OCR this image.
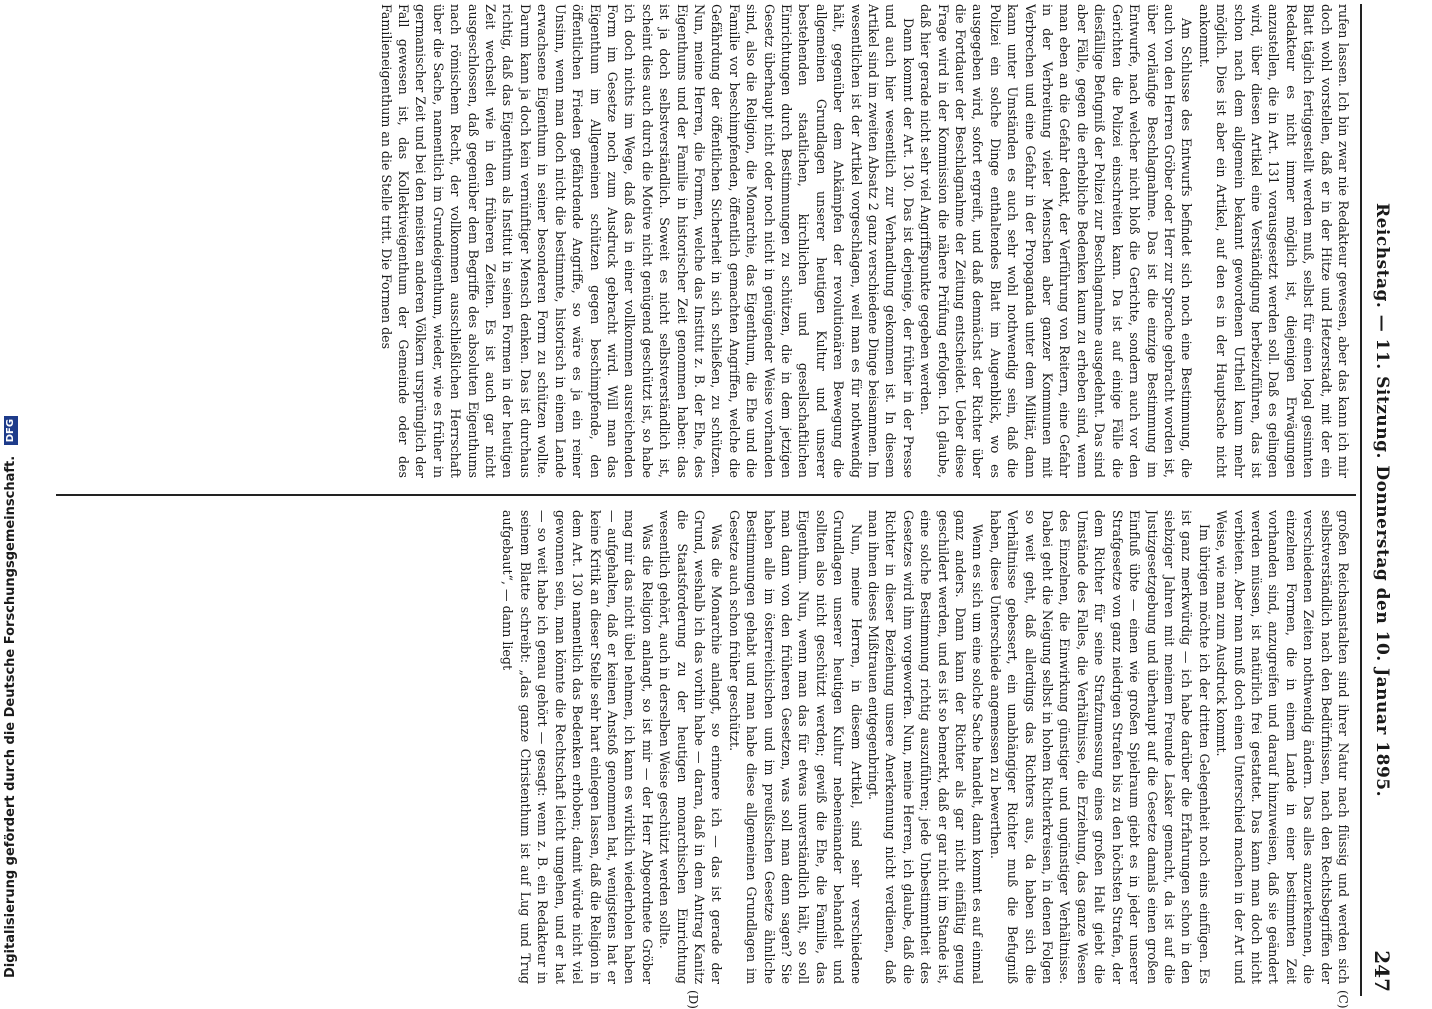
Digitalisierung gefördert durch die Deutsche Forschungsgemeinschaft. DFG	Reichstag. — 11. Sitzung. Donnerstag den 10. Januar 1895.
247

rufen lassen. Ich bin zwar nie Redakteur gewesen, aber das kann ich mir doch wohl vorstellen, daß er in der Hitze und Hetzerstadt, mit der ein Blatt täglich fertiggestellt werden muß, selbst für einen logal gesinnten Redakteur es nicht immer möglich ist, diejenigen Erwägungen anzustellen, die in Art. 131 vorausgesetzt werden soll. Daß es gelingen wird, über diesen Artikel eine Verständigung herbeizuführen, das ist schon nach dem allgemein bekannt gewordenen Urtheil kaum mehr möglich. Dies ist aber ein Artikel, auf den es in der Hauptsache nicht ankommt.

Am Schlusse des Entwurfs befindet sich noch eine Bestimmung, die auch von den Herren Gröber oder Herr zur Sprache gebracht worden ist, über vorläufige Beschlagnahme. Das ist die einzige Bestimmung im Entwurfe, nach welcher nicht bloß die Gerichte, sondern auch vor den Gerichten die Polizei einschreiten kann. Da ist auf einige Fälle die diesfällige Befugniß der Polizei zur Beschlagnahme ausgedehnt. Das sind aber Fälle, gegen die erhebliche Bedenken kaum zu erheben sind, wenn man eben an die Gefahr denkt, der Verführung von Reitern, eine Gefahr in der Verbreitung vieler Menschen aber ganzer Kommunen mit Verbrechen und eine Gefahr in der Propaganda unter dem Militär, dann kann unter Umständen es auch sehr wohl nothwendig sein, daß die Polizei ein solche Dinge enthaltendes Blatt im Augenblick, wo es ausgegeben wird, sofort ergreift, und daß demnächst der Richter über die Fortdauer der Beschlagnahme der Zeitung entscheidet. Ueber diese Frage wird in der Kommission die nähere Prüfung erfolgen. Ich glaube, daß hier gerade nicht sehr viel Angriffspunkte gegeben werden.

Dann kommt der Art. 130. Das ist derjenige, der früher in der Presse und auch hier wesentlich zur Verhandlung gekommen ist. In diesem Artikel sind im zweiten Absatz 2 ganz verschiedene Dinge beisammen. Im wesentlichen ist der Artikel vorgeschlagen, weil man es für nothwendig hält, gegenüber dem Ankämpfen der revolutionären Bewegung die allgemeinen Grundlagen unserer heutigen Kultur und unserer bestehenden staatlichen, kirchlichen und gesellschaftlichen Einrichtungen durch Bestimmungen zu schützen, die in dem jetzigen Gesetz überhaupt nicht oder noch nicht in genügender Weise vorhanden sind, also die Religion, die Monarchie, das Eigenthum, die Ehe und die Familie vor beschimpfenden, öffentlich gemachten Angriffen, welche die Gefährdung der öffentlichen Sicherheit in sich schließen, zu schützen. Nun, meine Herren, die Formen, welche das Institut z. B. der Ehe, des Eigenthums und der Familie in historischer Zeit genommen haben: das ist ja doch selbstverständlich. Soweit es nicht selbstverständlich ist, scheint dies auch durch die Motive nicht genügend geschützt ist, so habe ich doch nichts im Wege, daß das in einer vollkommen ausreichenden Form im Gesetze noch zum Ausdruck gebracht wird. Will man das Eigenthum im Allgemeinen schützen gegen beschimpfende, den öffentlichen Frieden gefährdende Angriffe, so wäre es ja ein reiner Unsinn, wenn man doch nicht die bestimmte, historisch in einem Lande erwachsene Eigenthum in seiner besonderen Form zu schützen wollte. Darum kann ja doch kein vernünftiger Mensch denken. Das ist durchaus richtig, daß das Eigenthum als Institut in seinen Formen in der heutigen Zeit wechselt wie in den früheren Zeiten. Es ist auch gar nicht ausgeschlossen, daß gegenüber dem Begriffe des absoluten Eigenthums nach römischem Recht, der vollkommen ausschließlichen Herrschaft über die Sache, namentlich im Grundeigenthum, wieder, wie es früher in germanischer Zeit und bei den meisten anderen Völkern ursprünglich der Fall gewesen ist, das Kollektiveigenthum der Gemeinde oder des Familieneigenthum an die Stelle tritt. Die Formen des

großen Reichsanstalten sind ihrer Natur nach flüssig und werden sich selbstverständlich nach den Bedürfnissen, nach den Rechtsbegriffen der verschiedenen Zeiten nothwendig ändern. Das alles anzuerkennen, die einzelnen Formen, die in einem Lande in einer bestimmten Zeit vorhanden sind, anzugreifen und darauf hinzuweisen, daß sie geändert werden müssen, ist natürlich frei gestattet. Das kann man doch nicht verbieten. Aber man muß doch einen Unterschied machen in der Art und Weise, wie man zum Ausdruck kommt.

Im übrigen möchte ich der dritten Gelegenheit noch eins einfügen. Es ist ganz merkwürdig — ich habe darüber die Erfahrungen schon in den siebziger Jahren mit meinem Freunde Lasker gemacht, da ist auf die Justizgesetzgebung und überhaupt auf die Gesetze damals einen großen Einfluß übte — einen wie großen Spielraum giebt es in jeder unserer Strafgesetze von ganz niedrigen Strafen bis zu den höchsten Strafen, der dem Richter für seine Strafzumessung eines großen Halt giebt die Umstände des Falles, die Verhältnisse, die Erziehung, das ganze Wesen des Einzelnen, die Einwirkung günstiger und ungünstiger Verhältnisse. Dabei geht die Neigung selbst in hohem Richterkreisen, in denen Folgen so weit geht, daß allerdings das Richters aus, da haben sich die Verhältnisse gebessert, ein unabhängiger Richter muß die Befugniß haben, diese Unterschiede angemessen zu bewerthen.

Wenn es sich um eine solche Sache handelt, dann kommt es auf einmal ganz anders. Dann kann der Richter als gar nicht einfältig genug geschildert werden, und es ist so bemerkt, daß er gar nicht im Stande ist, eine solche Bestimmung richtig auszuführen; jede Unbestimmtheit des Gesetzes wird ihm vorgeworfen. Nun, meine Herren, ich glaube, daß die Richter in dieser Beziehung unsere Anerkennung nicht verdienen, daß man ihnen dieses Mißtrauen entgegenbringt.

Nun, meine Herren, in diesem Artikel, sind sehr verschiedene Grundlagen unserer heutigen Kultur nebeneinander behandelt und sollten also nicht geschützt werden; gewiß die Ehe, die Familie, das Eigenthum. Nun, wenn man das für etwas unverständlich hält, so soll man dann von den früheren Gesetzen, was soll man denn sagen? Sie haben alle im österreichischen und im preußischen Gesetze ähnliche Bestimmungen gehabt und man habe diese allgemeinen Grundlagen im Gesetze auch schon früher geschützt.

Was die Monarchie anlangt, so erinnere ich — das ist gerade der Grund, weshalb ich das vorhin habe — daran, daß in dem Antrag Kanitz die Staatsforderung zu der heutigen monarchischen Einrichtung wesentlich gehört, auch in derselben Weise geschützt werden sollte.

Was die Religion anlangt, so ist mir — der Herr Abgeordnete Gröber mag mir das nicht übel nehmen, ich kann es wirklich wiederholen haben — aufgehalten, daß er keinen Anstoß genommen hat, wenigstens hat er keine Kritik an dieser Stelle sehr hart einlegen lassen, daß die Religion in dem Art. 130 namentlich das Bedenken erhoben; damit würde nicht viel gewonnen sein, man könnte die Rechtschaft leicht umgehen, und er hat — so weit habe ich genau gehört — gesagt: wenn z. B. ein Redakteur in seinem Blatte schreibt: „das ganze Christenthum ist auf Lug und Trug aufgebaut“, — dann liegt

(C)
(D)
